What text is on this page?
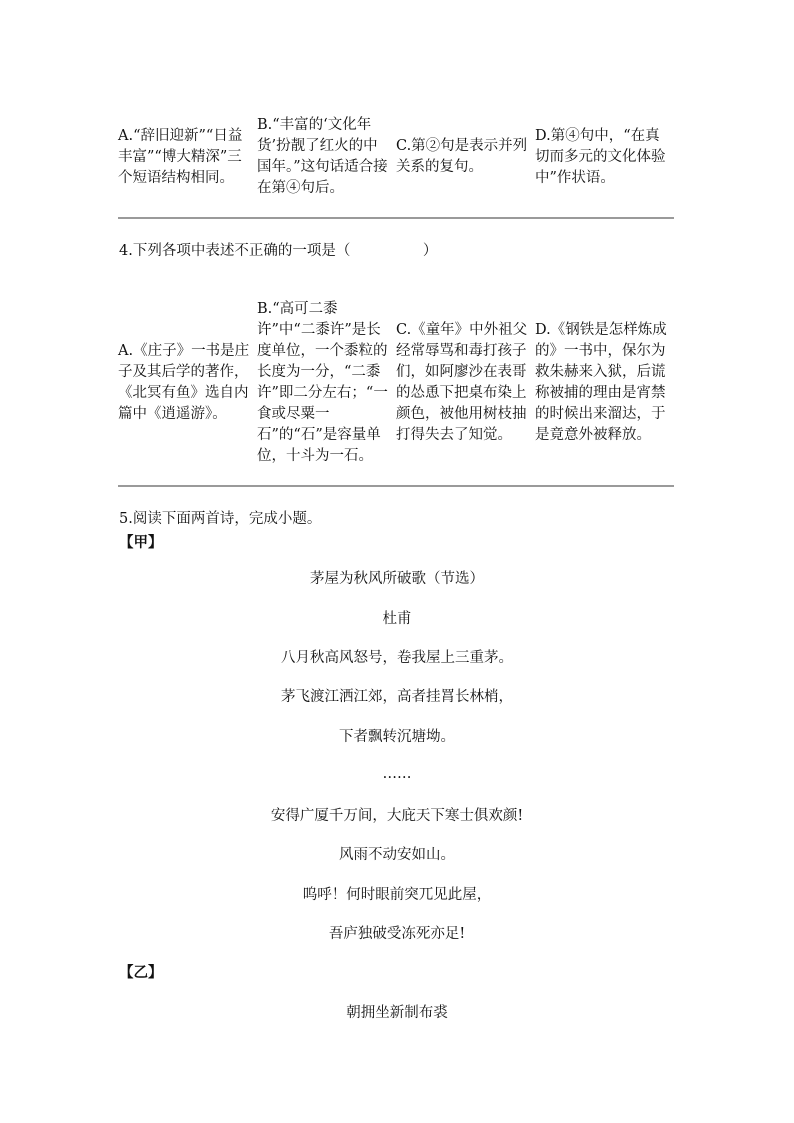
A.“辞旧迎新”“日益丰富”“博大精深”三个短语结构相同。
B.“丰富的‘文化年货’扮靓了红火的中国年。”这句话适合接在第④句后。
C.第②句是表示并列关系的复句。
D.第④句中，“在真切而多元的文化体验中”作状语。
4.下列各项中表述不正确的一项是（　　　　　）
A.《庄子》一书是庄子及其后学的著作，《北冥有鱼》选自内篇中《逍遥游》。
B.“高可二黍许”中“二黍许”是长度单位，一个黍粒的长度为一分，“二黍许”即二分左右；“一食或尽粟一石”的“石”是容量单位，十斗为一石。
C.《童年》中外祖父经常辱骂和毒打孩子们，如阿廖沙在表哥的怂恿下把桌布染上颜色，被他用树枝抽打得失去了知觉。
D.《钢铁是怎样炼成的》一书中，保尔为救朱赫来入狱，后谎称被捕的理由是宵禁的时候出来溜达，于是竟意外被释放。
5.阅读下面两首诗，完成小题。
【甲】
茅屋为秋风所破歌（节选）
杜甫
八月秋高风怒号，卷我屋上三重茅。
茅飞渡江洒江郊，高者挂罥长林梢，
下者飘转沉塘坳。
……
安得广厦千万间，大庇天下寒士俱欢颜!
风雨不动安如山。
呜呼！何时眼前突兀见此屋，
吾庐独破受冻死亦足!
【乙】
朝拥坐新制布裘
